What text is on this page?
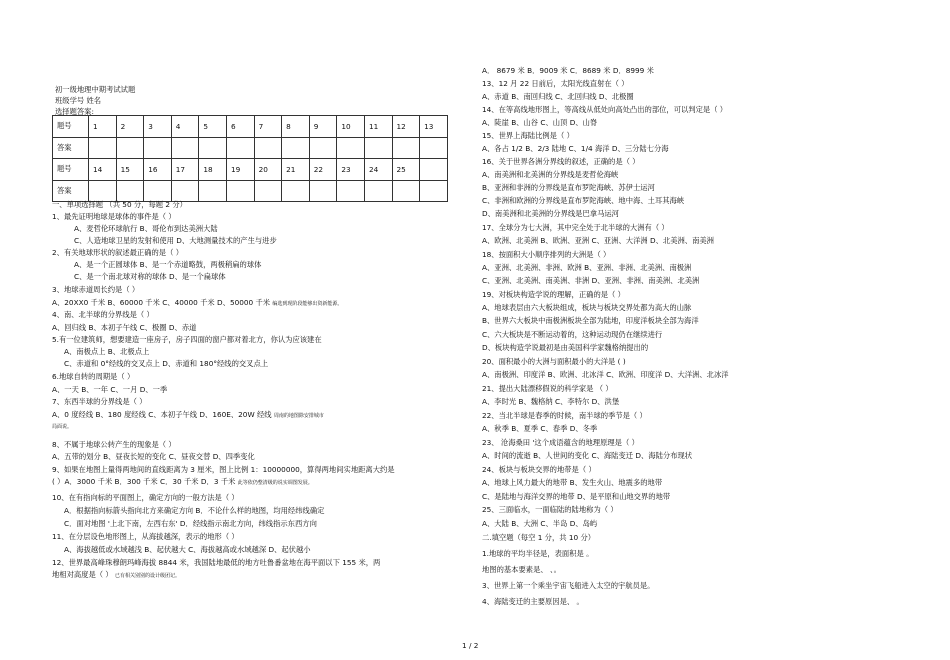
初一级地理中期考试试题
班级学号 姓名
选择题答案:
题号	1	2	3	4	5	6	7	8	9	10	11	12	13
答案													
题号	14	15	16	17	18	19	20	21	22	23	24	25	
答案													
一、单项选择题 （共 50 分，每题 2 分）
1、最先证明地球是球体的事件是（ ）
A、麦哲伦环球航行 B、哥伦布到达美洲大陆
C、人造地球卫星的发射和使用 D、大地测量技术的产生与进步
2、有关地球形状的叙述最正确的是（ ）
A、是一个正圆球体 B、是一个赤道略鼓，两极稍扁的球体
C、是一个南北球对称的球体 D、是一个扁球体
3、地球赤道周长约是（ ）
A、20XX0 千米 B、60000 千米 C、40000 千米 D、50000 千米 编选到现阶段能够出资新能源。
4、南、北半球的分界线是（ ）
A、回归线 B、本初子午线 C、极圈 D、赤道
5.有一位建筑师，想要建造一座房子，房子四面的窗户都对着北方，你认为应该建在
A、南极点上 B、北极点上
C、赤道和 0°经线的交叉点上 D、赤道和 180°经线的交叉点上
6.地球自转的周期是（ ）
A、一天 B、一年 C、一月 D、一季
7、东西半球的分界线是（ ）
A、0 度经线 B、180 度经线 C、本初子午线 D、160E、20W 经线 周南的地图除安排城市
局面说。
8、不属于地球公转产生的现象是（ ）
A、五带的划分 B、昼夜长短的变化 C、昼夜交替 D、四季变化
9、如果在地图上量得两地间的直线距离为 3 厘米，图上比例 1：10000000，算得两地间实地距离大约是
( ）A．3000 千米 B．300 千米 C．30 千米 D．3 千米 此等依仍整清级的说实调图发展。
10、在有指向标的平面图上，确定方向的一般方法是（ ）
A．根据指向标箭头指向北方来确定方向 B．不论什么样的地图，均用经纬线确定
C．面对地图 '上北下南，左西右东' D．经线指示南北方向，纬线指示东西方向
11、在分层设色地形图上，从海拔越深，表示的地形（ ）
A、海拔越低或水域越浅 B、起伏越大 C、海拔越高或水域越深 D、起伏越小
12、世界最高峰珠穆朗玛峰海拔 8844 米，我国陆地最低的地方吐鲁番盆地在海平面以下 155 米，两
地相对高度是（ ） 已有相关别别的设计级团记。
A． 8679 米 B．9009 米 C．8689 米 D．8999 米
13、12 月 22 日前后，太阳光线直射在（ ）
A、赤道 B、南回归线 C、北回归线 D、北极圈
14、在等高线地形图上，等高线从低处向高处凸出的部位，可以判定是（ ）
A、陡崖 B、山谷 C、山顶 D、山脊
15、世界上海陆比例是（ ）
A、各占 1/2 B、2/3 陆地 C、1/4 海洋 D、三分陆七分海
16、关于世界各洲分界线的叙述，正确的是（ ）
A、南美洲和北美洲的分界线是麦哲伦海峡
B、亚洲和非洲的分界线是直布罗陀海峡、苏伊士运河
C、非洲和欧洲的分界线是直布罗陀海峡、地中海、土耳其海峡
D、南美洲和北美洲的分界线是巴拿马运河
17、全球分为七大洲，其中完全处于北半球的大洲有（ ）
A、欧洲、北美洲 B、欧洲、亚洲 C、亚洲、大洋洲 D、北美洲、南美洲
18、按面积大小顺序排列的大洲是（ ）
A、亚洲、北美洲、非洲、欧洲 B、亚洲、非洲、北美洲、南极洲
C、亚洲、北美洲、南美洲、非洲 D、亚洲、非洲、南美洲、北美洲
19、对板块构造学说的理解，正确的是（ ）
A、地球表层由六大板块组成，板块与板块交界处都为高大的山脉
B、世界六大板块中南极洲板块全部为陆地，印度洋板块全部为海洋
C、六大板块是不断运动着的，这种运动现仍在继续进行
D、板块构造学说最初是由美国科学家魏格纳提出的
20、面积最小的大洲与面积最小的大洋是 ( )
A、南极洲、印度洋 B、欧洲、北冰洋 C、欧洲、印度洋 D、大洋洲、北冰洋
21、提出大陆漂移假说的科学家是 （ ）
A、李时光 B、魏格纳 C、李特尔 D、洪堡
22、当北半球是春季的时候，南半球的季节是（ ）
A、秋季 B、夏季 C、春季 D、冬季
23、 沧海桑田 '这个成语蕴含的地理原理是（ ）
A、时间的流逝 B、人世间的变化 C、海陆变迁 D、海陆分布现状
24、板块与板块交界的地带是（ ）
A、地球上风力最大的地带 B、发生火山、地震多的地带
C、是陆地与海洋交界的地带 D、是平原和山地交界的地带
25、三面临水，一面临陆的陆地称为（ ）
A、大陆 B、大洲 C、半岛 D、岛屿
二.填空题（每空 1 分，共 10 分）
1.地球的平均半径是，表面积是 。
地图的基本要素是、 、。
3、世界上第一个乘坐宇宙飞船进入太空的宇航员是。
4、海陆变迁的主要原因是、 。
1 / 2
